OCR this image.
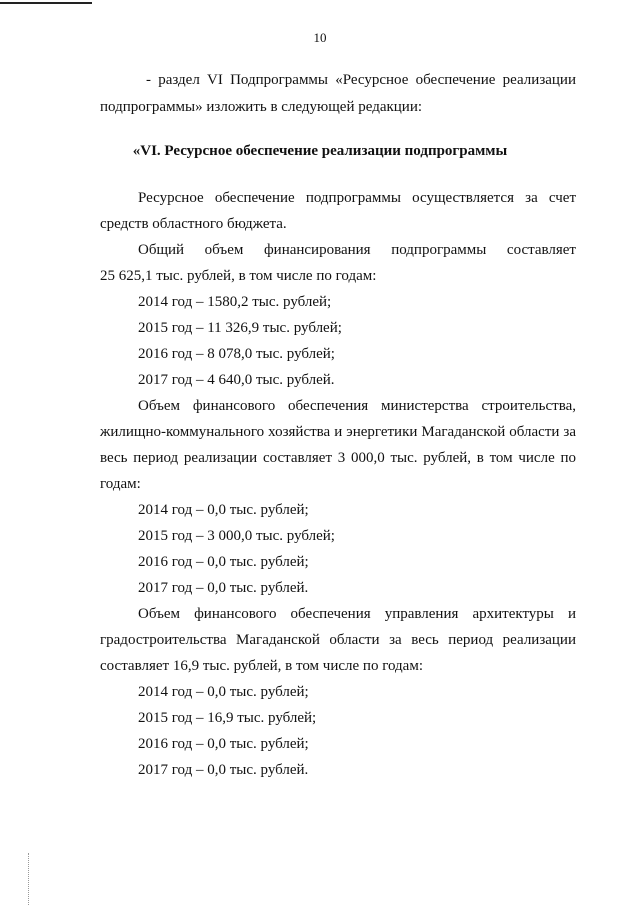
10
- раздел VI Подпрограммы «Ресурсное обеспечение реализации
подпрограммы» изложить в следующей редакции:
«VI. Ресурсное обеспечение реализации подпрограммы
Ресурсное обеспечение подпрограммы осуществляется за счет
средств областного бюджета.
Общий объем финансирования подпрограммы составляет
25 625,1 тыс. рублей, в том числе по годам:
2014 год – 1580,2 тыс. рублей;
2015 год – 11 326,9 тыс. рублей;
2016 год – 8 078,0 тыс. рублей;
2017 год – 4 640,0 тыс. рублей.
Объем финансового обеспечения министерства строительства,
жилищно-коммунального хозяйства и энергетики Магаданской области за
весь период реализации составляет 3 000,0 тыс. рублей, в том числе по
годам:
2014 год – 0,0 тыс. рублей;
2015 год – 3 000,0 тыс. рублей;
2016 год – 0,0 тыс. рублей;
2017 год – 0,0 тыс. рублей.
Объем финансового обеспечения управления архитектуры и
градостроительства Магаданской области за весь период реализации
составляет 16,9 тыс. рублей, в том числе по годам:
2014 год – 0,0 тыс. рублей;
2015 год – 16,9 тыс. рублей;
2016 год – 0,0 тыс. рублей;
2017 год – 0,0 тыс. рублей.
